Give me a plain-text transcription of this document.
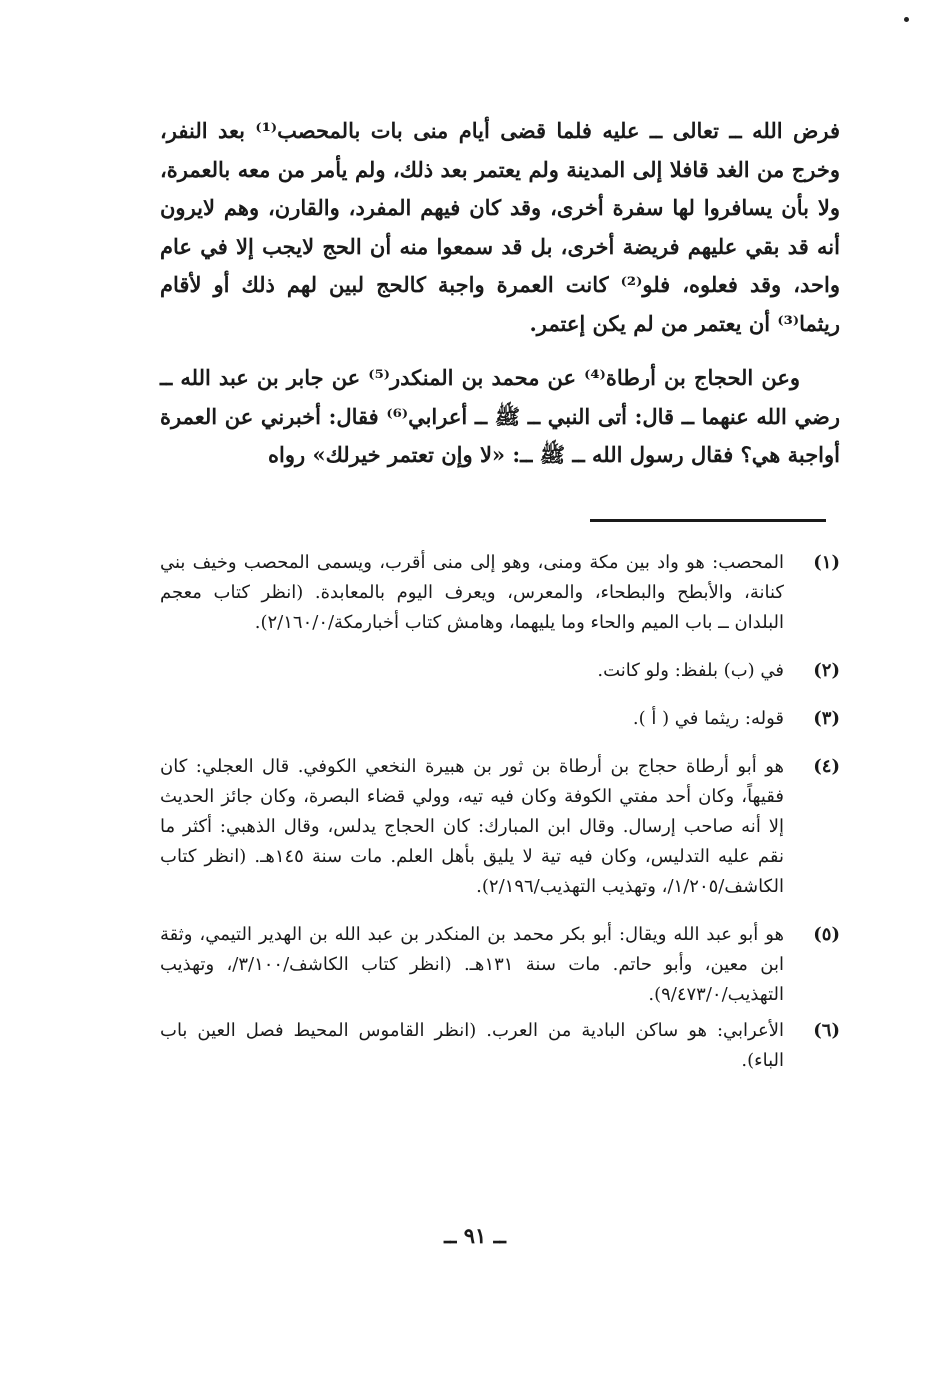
فرض الله ــ تعالى ــ عليه فلما قضى أيام منى بات بالمحصب⁽¹⁾ بعد النفر، وخرج من الغد قافلا إلى المدينة ولم يعتمر بعد ذلك، ولم يأمر من معه بالعمرة، ولا بأن يسافروا لها سفرة أخرى، وقد كان فيهم المفرد، والقارن، وهم لايرون أنه قد بقي عليهم فريضة أخرى، بل قد سمعوا منه أن الحج لايجب إلا في عام واحد، وقد فعلوه، فلو⁽²⁾ كانت العمرة واجبة كالحج لبين لهم ذلك أو لأقام ريثما⁽³⁾ أن يعتمر من لم يكن إعتمر.

وعن الحجاج بن أرطاة⁽⁴⁾ عن محمد بن المنكدر⁽⁵⁾ عن جابر بن عبد الله ــ رضي الله عنهما ــ قال: أتى النبي ــ ﷺ ــ أعرابي⁽⁶⁾ فقال: أخبرني عن العمرة أواجبة هي؟ فقال رسول الله ــ ﷺ ــ: «لا وإن تعتمر خيرلك» رواه

(١)
المحصب: هو واد بين مكة ومنى، وهو إلى منى أقرب، ويسمى المحصب وخيف بني كنانة، والأبطح والبطحاء، والمعرس، ويعرف اليوم بالمعابدة. (انظر كتاب معجم البلدان ــ باب الميم والحاء وما يليهما، وهامش كتاب أخبارمكة/٢/١٦٠/٠).
(٢)
في (ب) بلفظ: ولو كانت.
(٣)
قوله: ريثما في ( أ ).
(٤)
هو أبو أرطاة حجاج بن أرطاة بن ثور بن هبيرة النخعي الكوفي. قال العجلي: كان فقيهاً، وكان أحد مفتي الكوفة وكان فيه تيه، وولي قضاء البصرة، وكان جائز الحديث إلا أنه صاحب إرسال. وقال ابن المبارك: كان الحجاج يدلس، وقال الذهبي: أكثر ما نقم عليه التدليس، وكان فيه تية لا يليق بأهل العلم. مات سنة ١٤٥هـ. (انظر كتاب الكاشف/١/٢٠٥/، وتهذيب التهذيب/٢/١٩٦).
(٥)
هو أبو عبد الله ويقال: أبو بكر محمد بن المنكدر بن عبد الله بن الهدير التيمي، وثقة ابن معين، وأبو حاتم. مات سنة ١٣١هـ. (انظر كتاب الكاشف/٣/١٠٠/، وتهذيب التهذيب/٩/٤٧٣/٠).
(٦)
الأعرابي: هو ساكن البادية من العرب. (انظر القاموس المحيط فصل العين باب الباء).
ــ ٩١ ــ
